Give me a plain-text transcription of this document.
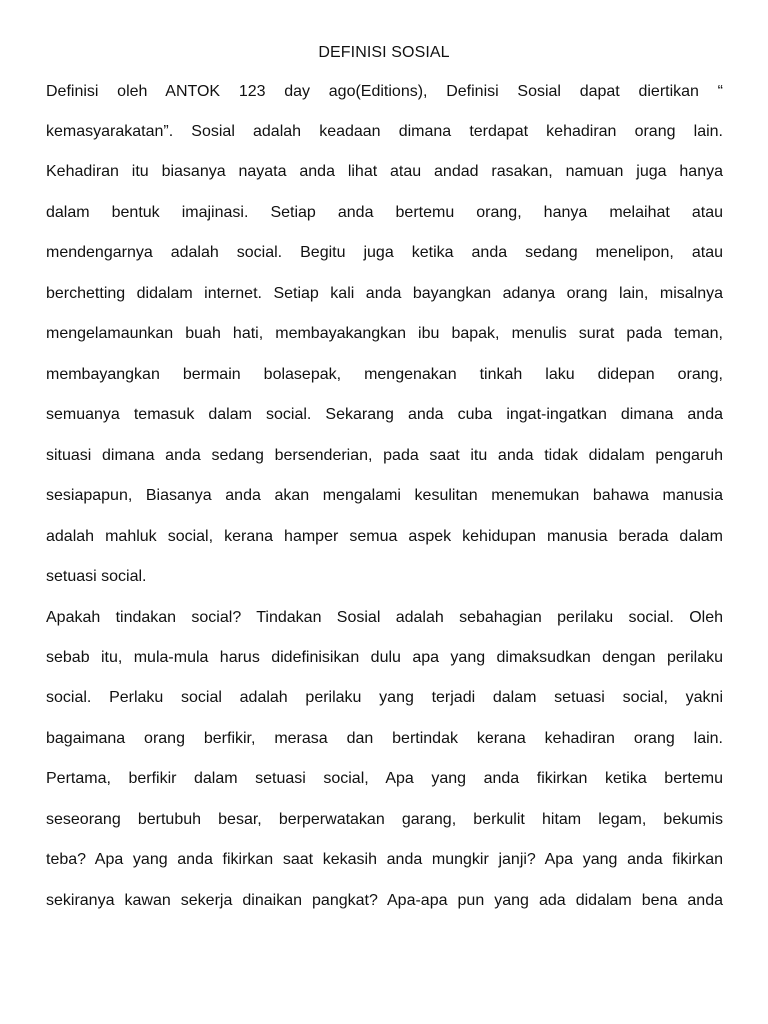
DEFINISI SOSIAL
Definisi oleh ANTOK 123 day ago(Editions), Definisi Sosial dapat diertikan “
kemasyarakatan”. Sosial adalah keadaan dimana terdapat kehadiran orang lain.
Kehadiran itu biasanya nayata anda lihat atau andad rasakan, namuan juga hanya
dalam bentuk imajinasi. Setiap anda bertemu orang, hanya melaihat atau
mendengarnya adalah social. Begitu juga ketika anda sedang menelipon, atau
berchetting didalam internet. Setiap kali anda bayangkan adanya orang lain, misalnya
mengelamaunkan buah hati, membayakangkan ibu bapak, menulis surat pada teman,
membayangkan bermain bolasepak, mengenakan tinkah laku didepan orang,
semuanya temasuk dalam social. Sekarang anda cuba ingat-ingatkan dimana anda
situasi dimana anda sedang bersenderian, pada saat itu anda tidak didalam pengaruh
sesiapapun, Biasanya anda akan mengalami kesulitan menemukan bahawa manusia
adalah mahluk social, kerana hamper semua aspek kehidupan manusia berada dalam
setuasi social.
Apakah tindakan social? Tindakan Sosial adalah sebahagian perilaku social. Oleh
sebab itu, mula-mula harus didefinisikan dulu apa yang dimaksudkan dengan perilaku
social. Perlaku social adalah perilaku yang terjadi dalam setuasi social, yakni
bagaimana orang berfikir, merasa dan bertindak kerana kehadiran orang lain.
Pertama, berfikir dalam setuasi social, Apa yang anda fikirkan ketika bertemu
seseorang bertubuh besar, berperwatakan garang, berkulit hitam legam, bekumis
teba? Apa yang anda fikirkan saat kekasih anda mungkir janji? Apa yang anda fikirkan
sekiranya kawan sekerja dinaikan pangkat? Apa-apa pun yang ada didalam bena anda
